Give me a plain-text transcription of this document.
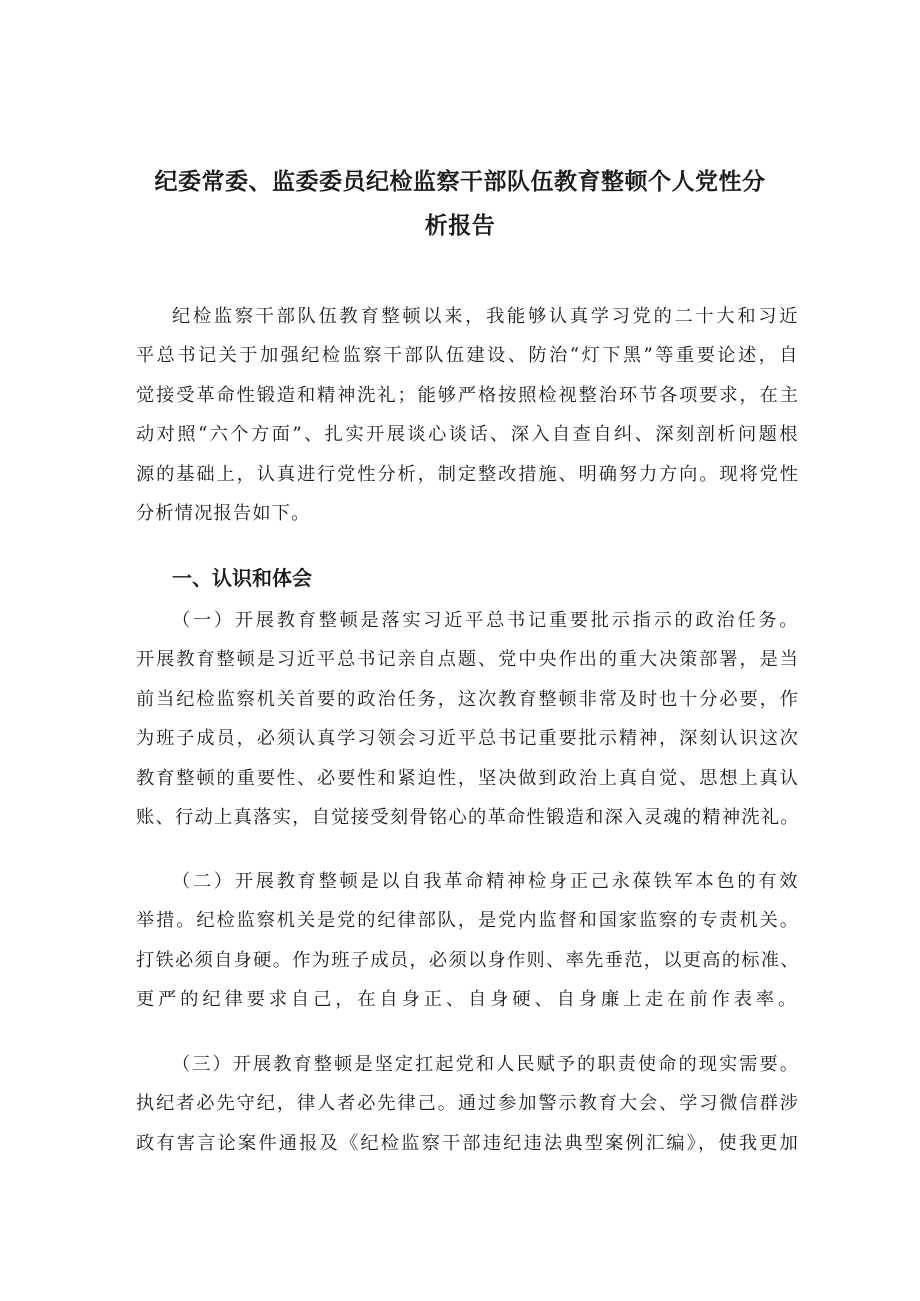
纪委常委、监委委员纪检监察干部队伍教育整顿个人党性分
析报告
纪检监察干部队伍教育整顿以来，我能够认真学习党的二十大和习近
平总书记关于加强纪检监察干部队伍建设、防治“灯下黑”等重要论述，自
觉接受革命性锻造和精神洗礼；能够严格按照检视整治环节各项要求，在主
动对照“六个方面”、扎实开展谈心谈话、深入自查自纠、深刻剖析问题根
源的基础上，认真进行党性分析，制定整改措施、明确努力方向。现将党性
分析情况报告如下。
一、认识和体会
（一）开展教育整顿是落实习近平总书记重要批示指示的政治任务。
开展教育整顿是习近平总书记亲自点题、党中央作出的重大决策部署，是当
前当纪检监察机关首要的政治任务，这次教育整顿非常及时也十分必要，作
为班子成员，必须认真学习领会习近平总书记重要批示精神，深刻认识这次
教育整顿的重要性、必要性和紧迫性，坚决做到政治上真自觉、思想上真认
账、行动上真落实，自觉接受刻骨铭心的革命性锻造和深入灵魂的精神洗礼。
（二）开展教育整顿是以自我革命精神检身正己永葆铁军本色的有效
举措。纪检监察机关是党的纪律部队，是党内监督和国家监察的专责机关。
打铁必须自身硬。作为班子成员，必须以身作则、率先垂范，以更高的标准、
更严的纪律要求自己，在自身正、自身硬、自身廉上走在前作表率。
（三）开展教育整顿是坚定扛起党和人民赋予的职责使命的现实需要。
执纪者必先守纪，律人者必先律己。通过参加警示教育大会、学习微信群涉
政有害言论案件通报及《纪检监察干部违纪违法典型案例汇编》，使我更加
